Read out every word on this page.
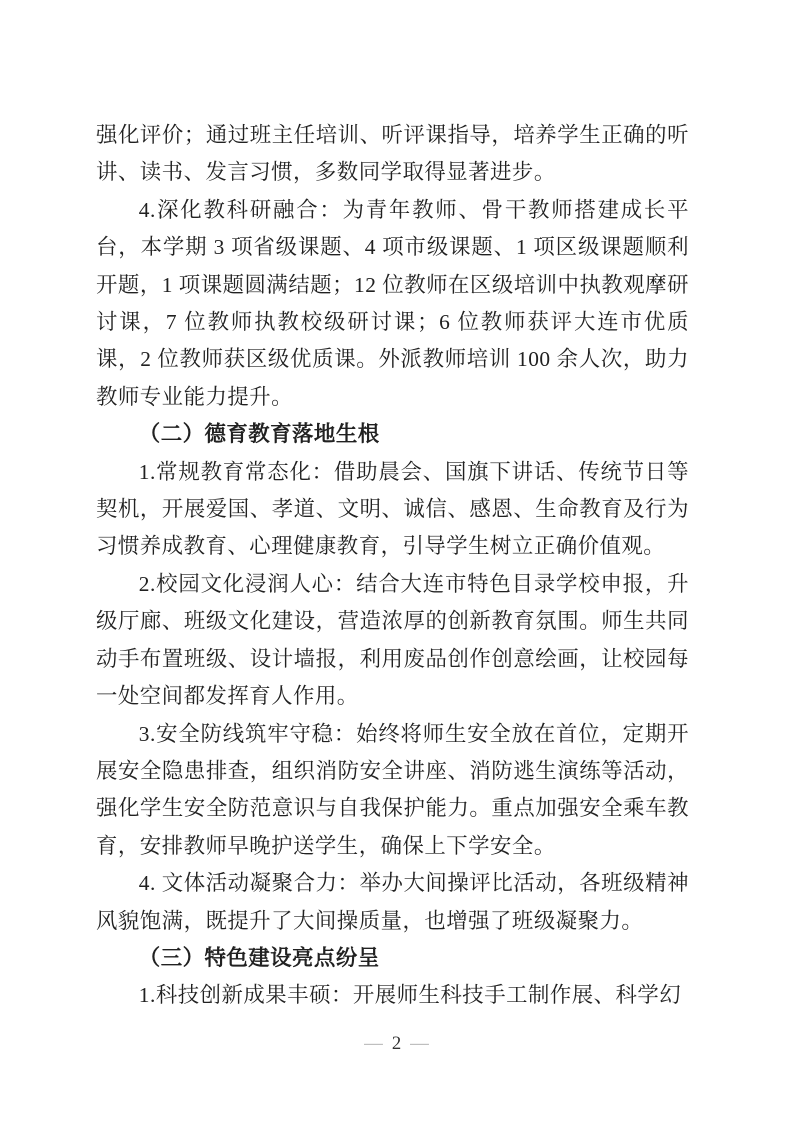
强化评价；通过班主任培训、听评课指导，培养学生正确的听讲、读书、发言习惯，多数同学取得显著进步。

4.深化教科研融合：为青年教师、骨干教师搭建成长平台，本学期 3 项省级课题、4 项市级课题、1 项区级课题顺利开题，1 项课题圆满结题；12 位教师在区级培训中执教观摩研讨课，7 位教师执教校级研讨课；6 位教师获评大连市优质课，2 位教师获区级优质课。外派教师培训 100 余人次，助力教师专业能力提升。

（二）德育教育落地生根

1.常规教育常态化：借助晨会、国旗下讲话、传统节日等契机，开展爱国、孝道、文明、诚信、感恩、生命教育及行为习惯养成教育、心理健康教育，引导学生树立正确价值观。

2.校园文化浸润人心：结合大连市特色目录学校申报，升级厅廊、班级文化建设，营造浓厚的创新教育氛围。师生共同动手布置班级、设计墙报，利用废品创作创意绘画，让校园每一处空间都发挥育人作用。

3.安全防线筑牢守稳：始终将师生安全放在首位，定期开展安全隐患排查，组织消防安全讲座、消防逃生演练等活动，强化学生安全防范意识与自我保护能力。重点加强安全乘车教育，安排教师早晚护送学生，确保上下学安全。

4. 文体活动凝聚合力：举办大间操评比活动，各班级精神风貌饱满，既提升了大间操质量，也增强了班级凝聚力。

（三）特色建设亮点纷呈

1.科技创新成果丰硕：开展师生科技手工制作展、科学幻

— 2 —
